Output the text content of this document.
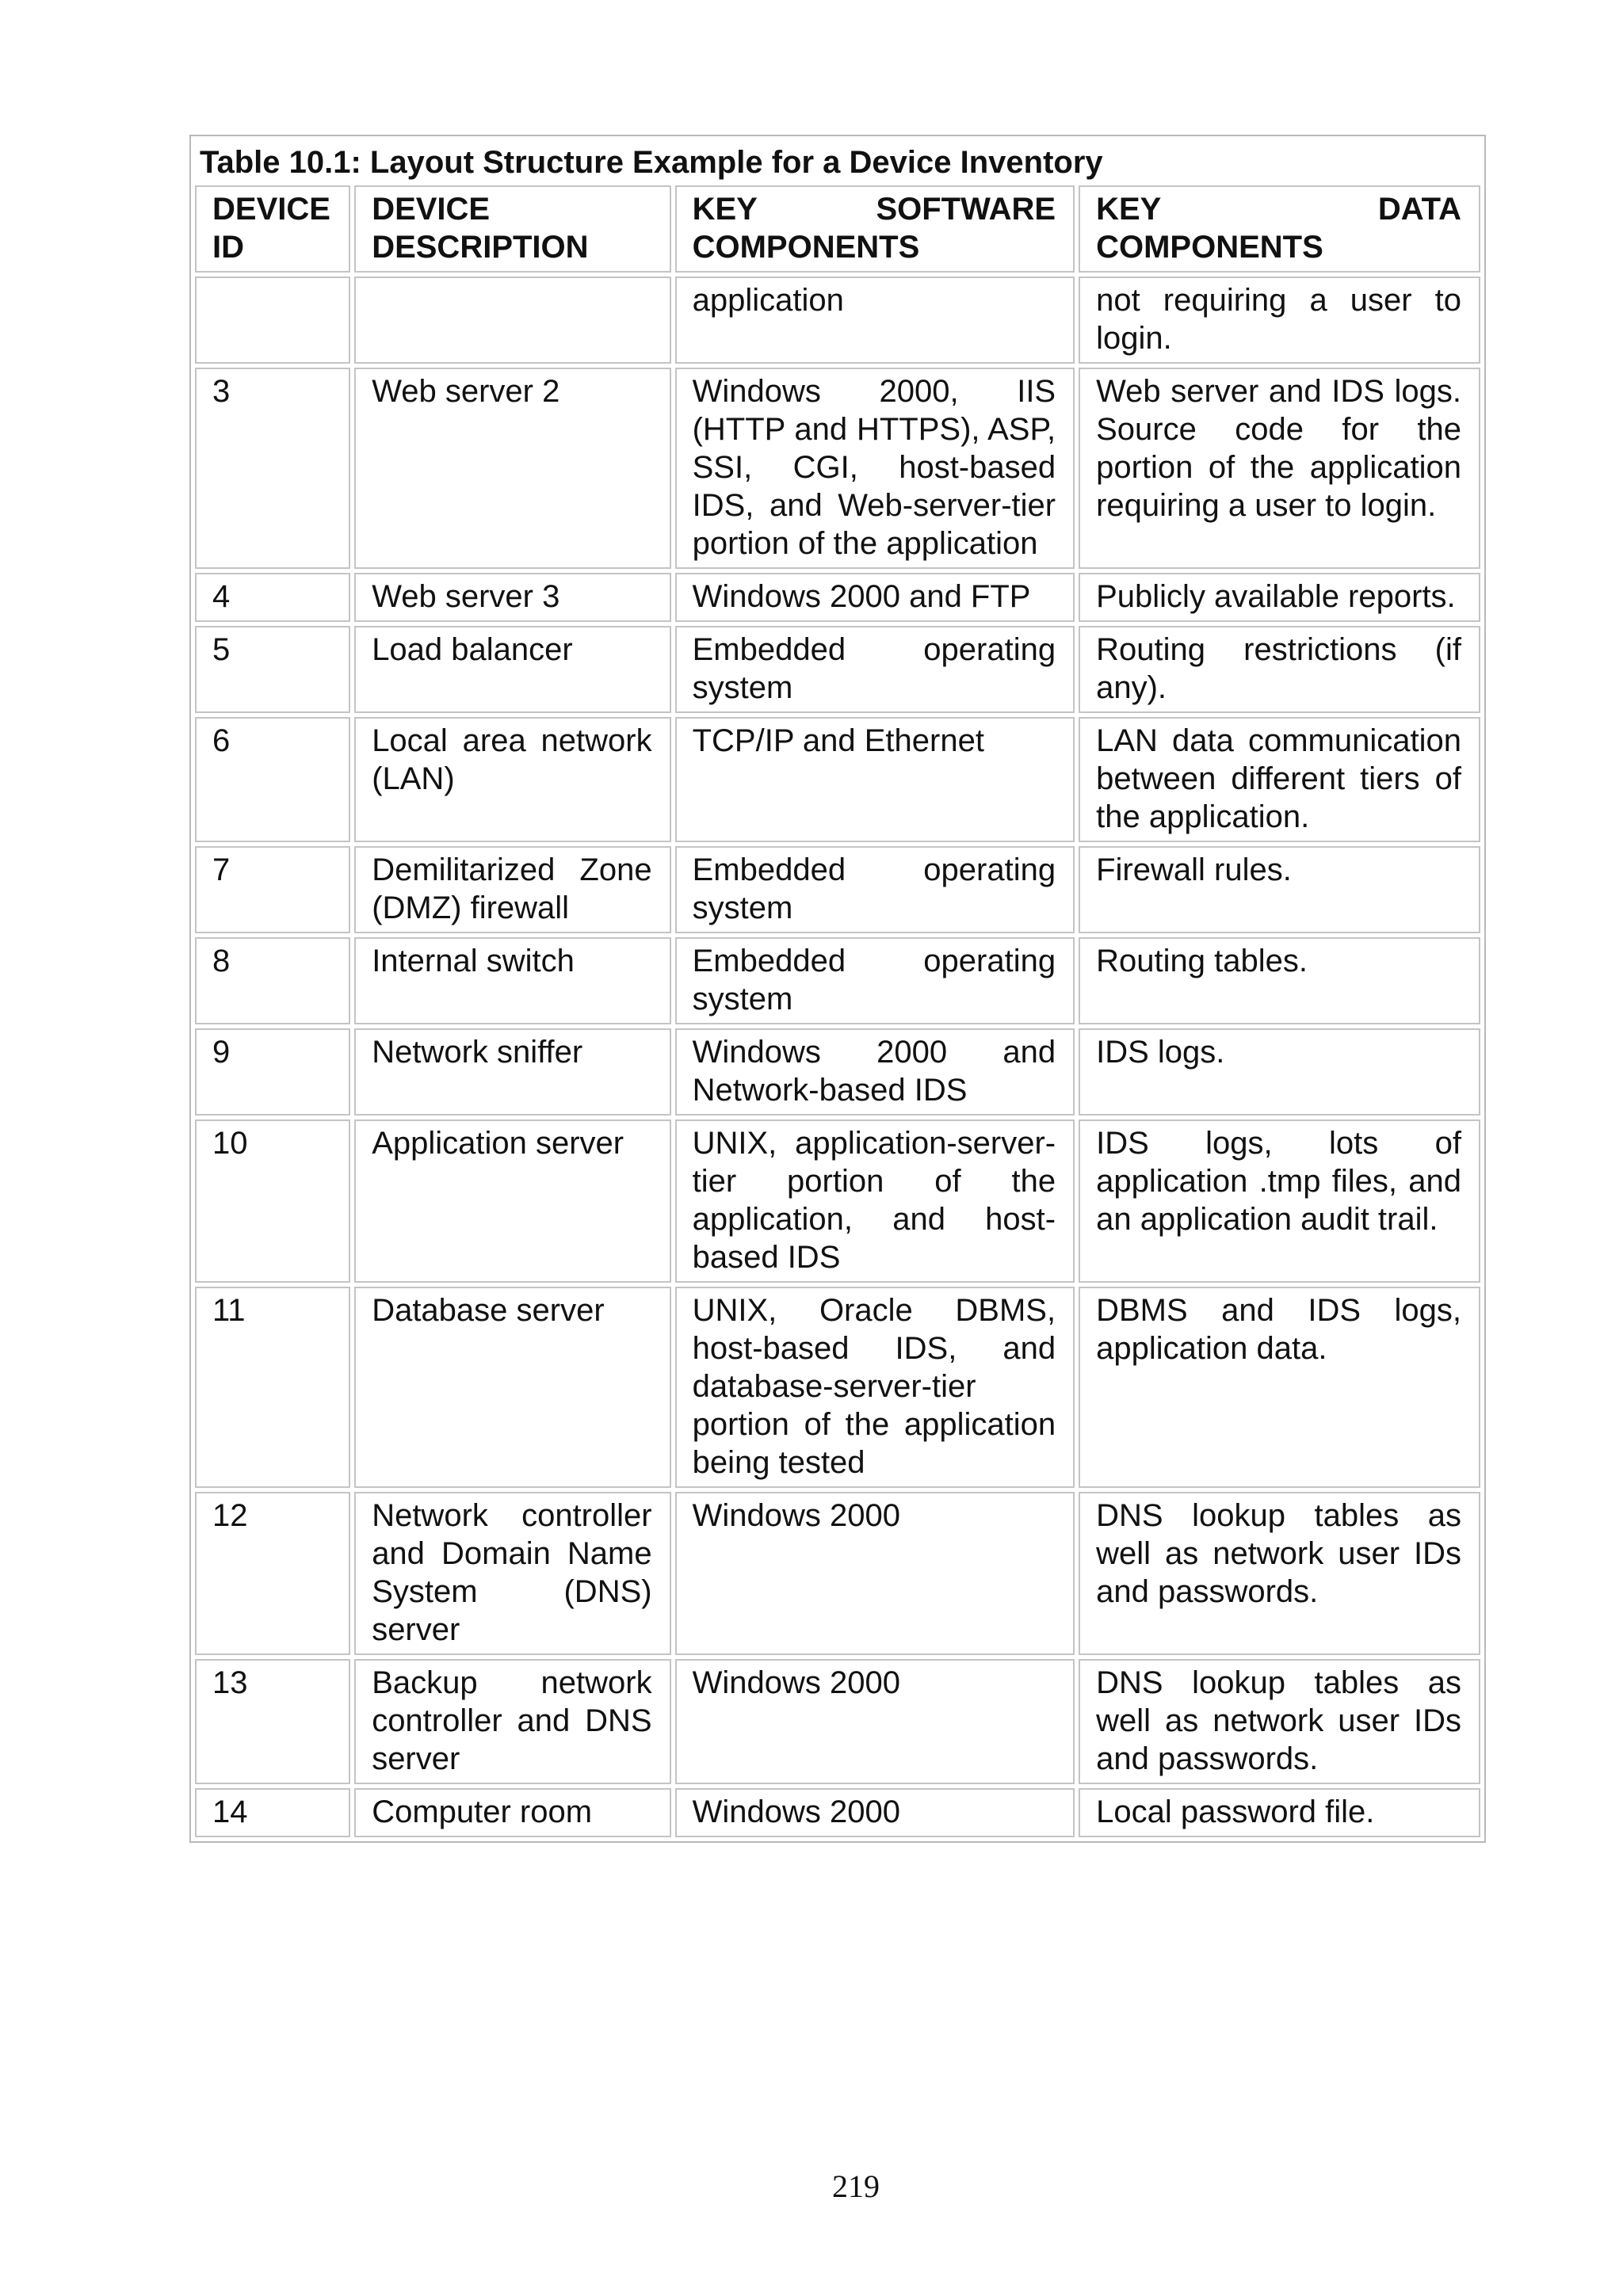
Table 10.1: Layout Structure Example for a Device Inventory			
DEVICE ID	DEVICE DESCRIPTION	KEY SOFTWARE COMPONENTS	KEY DATA COMPONENTS
		application	not requiring a user to login.
3	Web server 2	Windows 2000, IIS (HTTP and HTTPS), ASP, SSI, CGI, host-based IDS, and Web-server-tier portion of the application	Web server and IDS logs. Source code for the portion of the application requiring a user to login.
4	Web server 3	Windows 2000 and FTP	Publicly available reports.
5	Load balancer	Embedded operating system	Routing restrictions (if any).
6	Local area network (LAN)	TCP/IP and Ethernet	LAN data communication between different tiers of the application.
7	Demilitarized Zone (DMZ) firewall	Embedded operating system	Firewall rules.
8	Internal switch	Embedded operating system	Routing tables.
9	Network sniffer	Windows 2000 and Network-based IDS	IDS logs.
10	Application server	UNIX, application-server-tier portion of the application, and host-based IDS	IDS logs, lots of application .tmp files, and an application audit trail.
11	Database server	UNIX, Oracle DBMS, host-based IDS, and database-server-tier portion of the application being tested	DBMS and IDS logs, application data.
12	Network controller and Domain Name System (DNS) server	Windows 2000	DNS lookup tables as well as network user IDs and passwords.
13	Backup network controller and DNS server	Windows 2000	DNS lookup tables as well as network user IDs and passwords.
14	Computer room	Windows 2000	Local password file.
219
